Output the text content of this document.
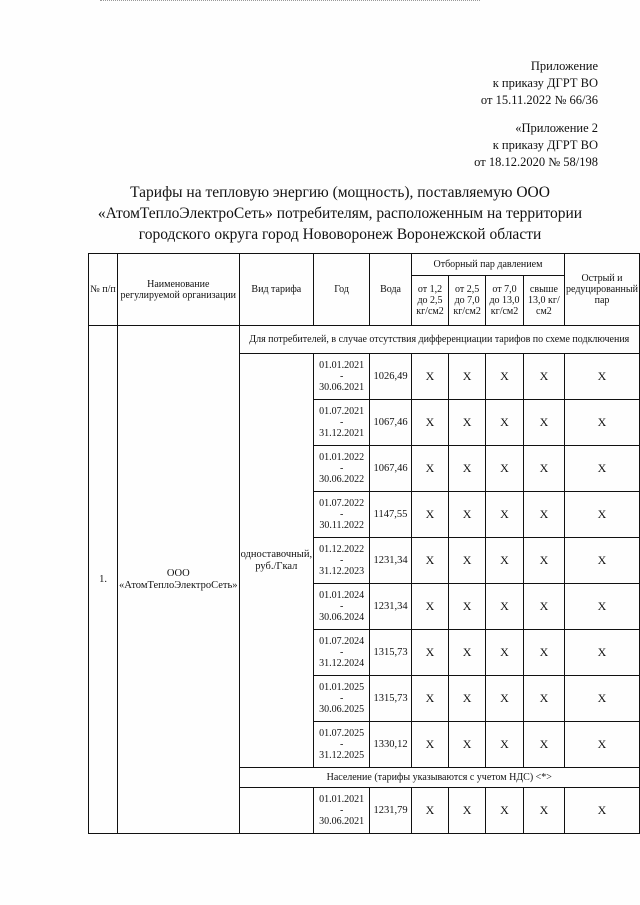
Приложение
к приказу ДГРТ ВО
от 15.11.2022 № 66/36
«Приложение 2
к приказу ДГРТ ВО
от 18.12.2020 № 58/198
Тарифы на тепловую энергию (мощность), поставляемую ООО
«АтомТеплоЭлектроСеть» потребителям, расположенным на территории
городского округа город Нововоронеж Воронежской области
№ п/п	Наименование регулируемой организации	Вид тарифа	Год	Вода	Отборный пар давлением				Острый и редуцированный пар
					от 1,2 до 2,5 кг/см2	от 2,5 до 7,0 кг/см2	от 7,0 до 13,0 кг/см2	свыше 13,0 кг/см2	
1.	ООО «АтомТеплоЭлектроСеть»	Для потребителей, в случае отсутствия дифференциации тарифов по схеме подключения							
		одноставочный, руб./Гкал	01.01.2021
-
30.06.2021	1026,49	Х	Х	Х	Х	Х

			01.07.2021
-
31.12.2021	1067,46	Х	Х	Х	Х	Х

			01.01.2022
-
30.06.2022	1067,46	Х	Х	Х	Х	Х

			01.07.2022
-
30.11.2022	1147,55	Х	Х	Х	Х	Х

			01.12.2022
-
31.12.2023	1231,34	Х	Х	Х	Х	Х

			01.01.2024
-
30.06.2024	1231,34	Х	Х	Х	Х	Х

			01.07.2024
-
31.12.2024	1315,73	Х	Х	Х	Х	Х

			01.01.2025
-
30.06.2025	1315,73	Х	Х	Х	Х	Х

			01.07.2025
-
31.12.2025	1330,12	Х	Х	Х	Х	Х
		Население (тарифы указываются с учетом НДС) <*>							

			01.01.2021
-
30.06.2021	1231,79	Х	Х	Х	Х	Х
